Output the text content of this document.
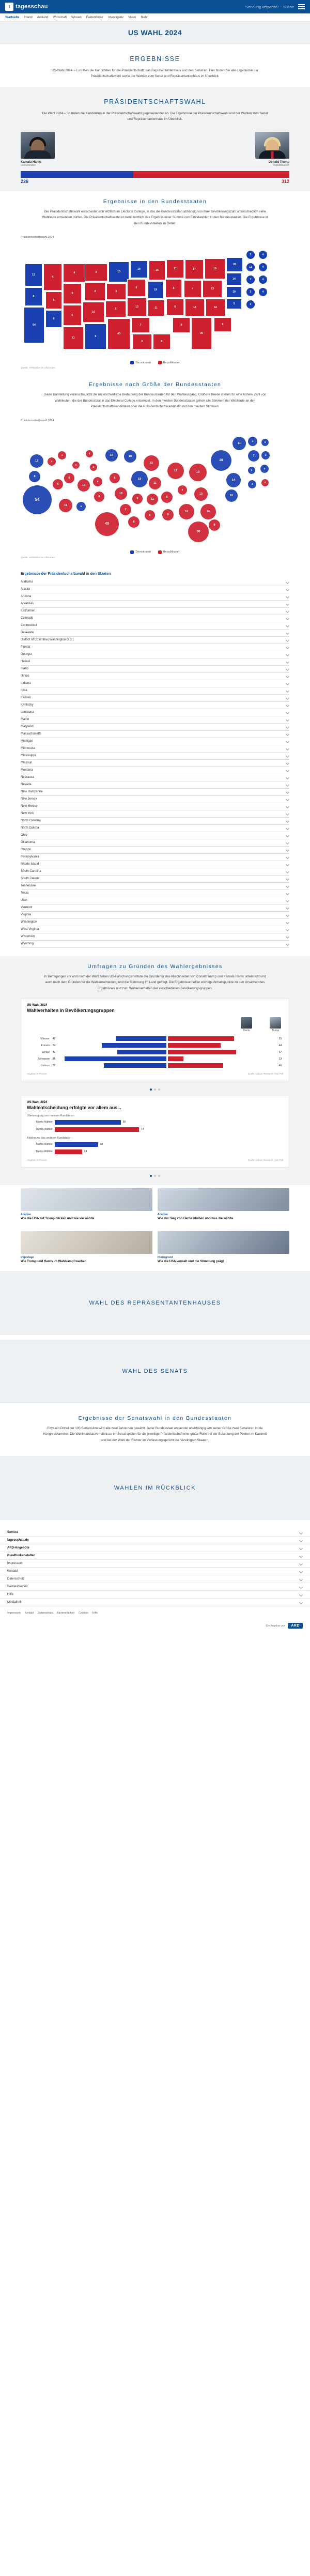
t tagesschau	Sendung verpasst? Suche
Startseite Inland Ausland Wirtschaft Wissen Faktenfinder Investigativ Video Mehr
US WAHL 2024
ERGEBNISSE
US-Wahl 2024 – Es treten die Kandidaten für die Präsidentschaft, das Repräsentantenhaus und den Senat an. Hier finden Sie alle Ergebnisse der Präsidentschaftswahl sowie der Wahlen zum Senat und Repräsentantenhaus im Überblick.
PRÄSIDENTSCHAFTSWAHL
Die Wahl 2024 – So treten die Kandidaten in der Präsidentschaftswahl gegeneinander an. Die Ergebnisse der Präsidentschaftswahl und der Wahlen zum Senat und Repräsentantenhaus im Überblick.
Kamala Harris
Demokraten
Donald Trump
Republikaner
226	312
Ergebnisse in den Bundesstaaten
Die Präsidentschaftswahl entscheidet sich letztlich im Electoral College, in das die Bundesstaaten abhängig von ihrer Bevölkerungszahl unterschiedlich viele Wahlleute entsenden dürfen. Die Präsidentschaftswahl ist damit letztlich das Ergebnis einer Summe von Einzelwahlen in den Bundesstaaten. Die Ergebnisse in den Bundesstaaten im Detail:
Präsidentschaftswahl 2024
12
8
54
4
6
6
4
3
6
11
3
3
10
5
10
5
6
40
10
6
10
7
6
15
19
11
8
11
8
6
9
17
4
16
30
19
13
16
9
28
14
10
3
3	4
11	4
7	4
3	4
3
Demokraten	Republikaner
Quelle: AP/Wahlen im Infocenter
Ergebnisse nach Größe der Bundesstaaten
Diese Darstellung veranschaulicht die unterschiedliche Bedeutung der Bundesstaaten für den Wahlausgang. Größere Kreise stehen für eine höhere Zahl von Wahlleuten, die der Bundesstaat in das Electoral College entsendet. In den meisten Bundesstaaten gehen alle Stimmen der Wahlleute an den Präsidentschaftskandidaten oder die Präsidentschaftskandidatin mit den meisten Stimmen.
Präsidentschaftswahl 2024
54
12
8
4
4
6
6
11
3
10
5
3
3
5
6
40
10
6
10
7
10
19
6
8
15
11
11
6
8
9
17
4
16
30
19
13
16
9
28
14
10
11
4
7
3
4
4
3
4
3
Demokraten	Republikaner
Quelle: AP/Wahlen im Infocenter
Ergebnisse der Präsidentschaftswahl in den Staaten
Alabama
Alaska
Arizona
Arkansas
Kalifornien
Colorado
Connecticut
Delaware
District of Columbia (Washington D.C.)
Florida
Georgia
Hawaii
Idaho
Illinois
Indiana
Iowa
Kansas
Kentucky
Louisiana
Maine
Maryland
Massachusetts
Michigan
Minnesota
Mississippi
Missouri
Montana
Nebraska
Nevada
New Hampshire
New Jersey
New Mexico
New York
North Carolina
North Dakota
Ohio
Oklahoma
Oregon
Pennsylvania
Rhode Island
South Carolina
South Dakota
Tennessee
Texas
Utah
Vermont
Virginia
Washington
West Virginia
Wisconsin
Wyoming
Umfragen zu Gründen des Wahlergebnisses
In Befragungen vor und nach der Wahl haben US-Forschungsinstitute die Gründe für das Abschneiden von Donald Trump und Kamala Harris untersucht und auch nach dem Gründen für die Wahlentscheidung und die Stimmung im Land gefragt. Die Ergebnisse helfen wichtige Anhaltspunkte zu den Ursachen des Ergebnisses und zum Wählerverhalten der verschiedenen Bevölkerungsgruppen.
US-Wahl 2024
Wahlverhalten in Bevölkerungsgruppen
Harris	Trump
Männer	42	55
Frauen	54	44
Weiße	41	57
Schwarze	85	13
Latinos	52	46
Angaben in Prozent	Quelle: Edison Research / Exit Poll
US-Wahl 2024
Wahlentscheidung erfolgte vor allem aus...
Überzeugung von meinem Kandidaten
Harris-Wähler	58
Trump-Wähler	74
Ablehnung des anderen Kandidaten
Harris-Wähler	38
Trump-Wähler	24
Angaben in Prozent	Quelle: Edison Research / Exit Poll
Analyse
Wie die USA auf Trump blicken und wie sie wählte
Analyse
Wie der Sieg von Harris blieben und was die wählte
Reportage
Wie Trump und Harris im Wahlkampf warben
Hintergrund
Wie die USA verwalt und die Stimmung prägt
WAHL DES REPRÄSENTANTENHAUSES
WAHL DES SENATS
Ergebnisse der Senatswahl in den Bundesstaaten
Etwa ein Drittel der 100 Senatssitze wird alle zwei Jahre neu gewählt. Jeder Bundesstaat entsendet unabhängig von seiner Größe zwei Senatoren in die Kongresskammer. Die Wahlmandatsverhältnisse im Senat spielen für die jeweilige Präsidentschaft eine große Rolle bei der Besetzung der Posten im Kabinett und bei der Wahl der Richter im Verfassungsgericht der Vereinigten Staaten.
WAHLEN IM RÜCKBLICK
Service
tagesschau.de
ARD-Angebote
Rundfunkanstalten
Impressum
Kontakt
Datenschutz
Barrierefreiheit
Hilfe
Mediathek
Impressum Kontakt Datenschutz Barrierefreiheit Cookies Hilfe
Ein Angebot von	ARD
